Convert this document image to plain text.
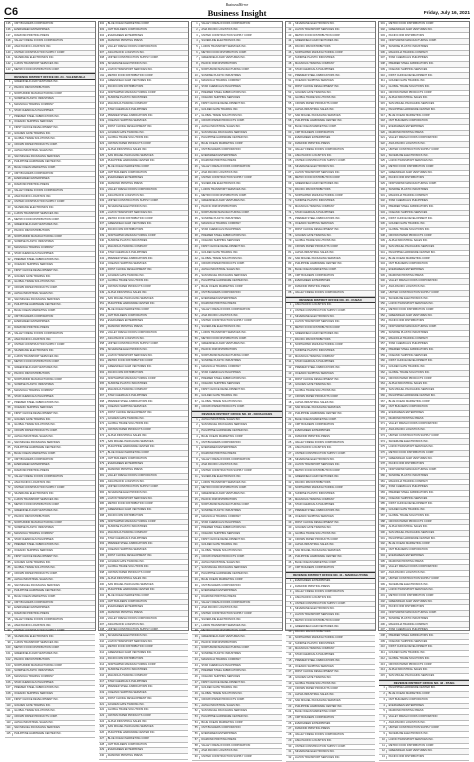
C6
BusinessMirror
Business Insight	Friday, July 16, 2021
135	CMT BUILDERS CORPORATION
136	EVERGREEN ENTERPRISES
137	DIAMOND PRINTING PRESS
138	VALLEY FRESH FOODS CORPORATION
139	ASIA PACIFIC LOGISTICS INC.
140	UNITED CONSTRUCTION SUPPLY CORP.
141	SILVERLINE ELECTRONICS INC.
142	LUZON TRANSPORT SERVICES INC.
143	METRO FOOD DISTRIBUTION CORP.
REVENUE DISTRICT OFFICE NO. 24 - VALENZUELA
1	GREENFIELD AGRI VENTURES INC.
2	PACIFIC RIM DISTRIBUTORS
3	NORTHWIND MANUFACTURING CORP.
4	SUNRISE PLASTIC INDUSTRIES
5	MAGNOLIA TRADING COMPANY
6	STAR CHEMICALS PHILIPPINES
7	PREMIER STEEL FABRICATORS INC.
8	OCEANIC SHIPPING SERVICES
9	FIRST CHOICE DEVELOPMENT INC.
10	GOLDEN GATE TRADING INC.
11	GLOBAL TRADE SOLUTIONS INC.
12	CROWN PAPER PRODUCTS CORP.
13	ALPHA INDUSTRIAL SALES INC.
14	SAN MIGUEL PACKAGING SERVICES
15	PHILIPPINE HARDWARE CENTER INC.
16	BLUE OCEAN MARKETING CORP.
17	CMT BUILDERS CORPORATION
18	EVERGREEN ENTERPRISES
19	DIAMOND PRINTING PRESS
20	VALLEY FRESH FOODS CORPORATION
21	ASIA PACIFIC LOGISTICS INC.
22	UNITED CONSTRUCTION SUPPLY CORP.
23	SILVERLINE ELECTRONICS INC.
24	LUZON TRANSPORT SERVICES INC.
25	METRO FOOD DISTRIBUTION CORP.
26	GREENFIELD AGRI VENTURES INC.
27	PACIFIC RIM DISTRIBUTORS
28	NORTHWIND MANUFACTURING CORP.
29	SUNRISE PLASTIC INDUSTRIES
30	MAGNOLIA TRADING COMPANY
31	STAR CHEMICALS PHILIPPINES
32	PREMIER STEEL FABRICATORS INC.
33	OCEANIC SHIPPING SERVICES
34	FIRST CHOICE DEVELOPMENT INC.
35	GOLDEN GATE TRADING INC.
36	GLOBAL TRADE SOLUTIONS INC.
37	CROWN PAPER PRODUCTS CORP.
38	ALPHA INDUSTRIAL SALES INC.
39	SAN MIGUEL PACKAGING SERVICES
40	PHILIPPINE HARDWARE CENTER INC.
41	BLUE OCEAN MARKETING CORP.
42	CMT BUILDERS CORPORATION
43	EVERGREEN ENTERPRISES
44	DIAMOND PRINTING PRESS
45	VALLEY FRESH FOODS CORPORATION
46	ASIA PACIFIC LOGISTICS INC.
47	UNITED CONSTRUCTION SUPPLY CORP.
48	SILVERLINE ELECTRONICS INC.
49	LUZON TRANSPORT SERVICES INC.
50	METRO FOOD DISTRIBUTION CORP.
51	GREENFIELD AGRI VENTURES INC.
52	PACIFIC RIM DISTRIBUTORS
53	NORTHWIND MANUFACTURING CORP.
54	SUNRISE PLASTIC INDUSTRIES
55	MAGNOLIA TRADING COMPANY
56	STAR CHEMICALS PHILIPPINES
57	PREMIER STEEL FABRICATORS INC.
58	OCEANIC SHIPPING SERVICES
59	FIRST CHOICE DEVELOPMENT INC.
60	GOLDEN GATE TRADING INC.
61	GLOBAL TRADE SOLUTIONS INC.
62	CROWN PAPER PRODUCTS CORP.
63	ALPHA INDUSTRIAL SALES INC.
64	SAN MIGUEL PACKAGING SERVICES
65	PHILIPPINE HARDWARE CENTER INC.
66	BLUE OCEAN MARKETING CORP.
67	CMT BUILDERS CORPORATION
68	EVERGREEN ENTERPRISES
69	DIAMOND PRINTING PRESS
70	VALLEY FRESH FOODS CORPORATION
71	ASIA PACIFIC LOGISTICS INC.
72	UNITED CONSTRUCTION SUPPLY CORP.
73	SILVERLINE ELECTRONICS INC.
74	LUZON TRANSPORT SERVICES INC.
75	METRO FOOD DISTRIBUTION CORP.
76	GREENFIELD AGRI VENTURES INC.
77	PACIFIC RIM DISTRIBUTORS
78	NORTHWIND MANUFACTURING CORP.
79	SUNRISE PLASTIC INDUSTRIES
80	MAGNOLIA TRADING COMPANY
81	STAR CHEMICALS PHILIPPINES
82	PREMIER STEEL FABRICATORS INC.
83	OCEANIC SHIPPING SERVICES
84	FIRST CHOICE DEVELOPMENT INC.
85	GOLDEN GATE TRADING INC.
86	GLOBAL TRADE SOLUTIONS INC.
87	CROWN PAPER PRODUCTS CORP.
88	ALPHA INDUSTRIAL SALES INC.
89	SAN MIGUEL PACKAGING SERVICES
90	PHILIPPINE HARDWARE CENTER INC.
91	BLUE OCEAN MARKETING CORP.
92	CMT BUILDERS CORPORATION
93	EVERGREEN ENTERPRISES
94	DIAMOND PRINTING PRESS
95	VALLEY FRESH FOODS CORPORATION
96	ASIA PACIFIC LOGISTICS INC.
97	UNITED CONSTRUCTION SUPPLY CORP.
98	SILVERLINE ELECTRONICS INC.
99	LUZON TRANSPORT SERVICES INC.
100	METRO FOOD DISTRIBUTION CORP.
101	GREENFIELD AGRI VENTURES INC.
102	PACIFIC RIM DISTRIBUTORS
103	NORTHWIND MANUFACTURING CORP.
104	SUNRISE PLASTIC INDUSTRIES
105	MAGNOLIA TRADING COMPANY
106	STAR CHEMICALS PHILIPPINES
107	PREMIER STEEL FABRICATORS INC.
108	OCEANIC SHIPPING SERVICES
109	FIRST CHOICE DEVELOPMENT INC.
110	GOLDEN GATE TRADING INC.
111	GLOBAL TRADE SOLUTIONS INC.
112	CROWN PAPER PRODUCTS CORP.
113	ALPHA INDUSTRIAL SALES INC.
114	SAN MIGUEL PACKAGING SERVICES
115	PHILIPPINE HARDWARE CENTER INC.
302	BLUE OCEAN MARKETING CORP.
303	CMT BUILDERS CORPORATION
304	EVERGREEN ENTERPRISES
305	DIAMOND PRINTING PRESS
306	VALLEY FRESH FOODS CORPORATION
307	ASIA PACIFIC LOGISTICS INC.
308	UNITED CONSTRUCTION SUPPLY CORP.
309	SILVERLINE ELECTRONICS INC.
310	LUZON TRANSPORT SERVICES INC.
311	METRO FOOD DISTRIBUTION CORP.
312	GREENFIELD AGRI VENTURES INC.
313	PACIFIC RIM DISTRIBUTORS
314	NORTHWIND MANUFACTURING CORP.
315	SUNRISE PLASTIC INDUSTRIES
316	MAGNOLIA TRADING COMPANY
317	STAR CHEMICALS PHILIPPINES
318	PREMIER STEEL FABRICATORS INC.
319	OCEANIC SHIPPING SERVICES
320	FIRST CHOICE DEVELOPMENT INC.
321	GOLDEN GATE TRADING INC.
322	GLOBAL TRADE SOLUTIONS INC.
323	CROWN PAPER PRODUCTS CORP.
324	ALPHA INDUSTRIAL SALES INC.
325	SAN MIGUEL PACKAGING SERVICES
326	PHILIPPINE HARDWARE CENTER INC.
327	BLUE OCEAN MARKETING CORP.
328	CMT BUILDERS CORPORATION
329	EVERGREEN ENTERPRISES
330	DIAMOND PRINTING PRESS
331	VALLEY FRESH FOODS CORPORATION
332	ASIA PACIFIC LOGISTICS INC.
333	UNITED CONSTRUCTION SUPPLY CORP.
334	SILVERLINE ELECTRONICS INC.
335	LUZON TRANSPORT SERVICES INC.
336	METRO FOOD DISTRIBUTION CORP.
337	GREENFIELD AGRI VENTURES INC.
338	PACIFIC RIM DISTRIBUTORS
339	NORTHWIND MANUFACTURING CORP.
340	SUNRISE PLASTIC INDUSTRIES
341	MAGNOLIA TRADING COMPANY
342	STAR CHEMICALS PHILIPPINES
343	PREMIER STEEL FABRICATORS INC.
344	OCEANIC SHIPPING SERVICES
345	FIRST CHOICE DEVELOPMENT INC.
346	GOLDEN GATE TRADING INC.
347	GLOBAL TRADE SOLUTIONS INC.
348	CROWN PAPER PRODUCTS CORP.
349	ALPHA INDUSTRIAL SALES INC.
350	SAN MIGUEL PACKAGING SERVICES
351	PHILIPPINE HARDWARE CENTER INC.
352	BLUE OCEAN MARKETING CORP.
353	CMT BUILDERS CORPORATION
354	EVERGREEN ENTERPRISES
355	DIAMOND PRINTING PRESS
356	VALLEY FRESH FOODS CORPORATION
357	ASIA PACIFIC LOGISTICS INC.
358	UNITED CONSTRUCTION SUPPLY CORP.
359	SILVERLINE ELECTRONICS INC.
360	LUZON TRANSPORT SERVICES INC.
361	METRO FOOD DISTRIBUTION CORP.
362	GREENFIELD AGRI VENTURES INC.
363	PACIFIC RIM DISTRIBUTORS
364	NORTHWIND MANUFACTURING CORP.
365	SUNRISE PLASTIC INDUSTRIES
366	MAGNOLIA TRADING COMPANY
367	STAR CHEMICALS PHILIPPINES
368	PREMIER STEEL FABRICATORS INC.
369	OCEANIC SHIPPING SERVICES
370	FIRST CHOICE DEVELOPMENT INC.
371	GOLDEN GATE TRADING INC.
372	GLOBAL TRADE SOLUTIONS INC.
373	CROWN PAPER PRODUCTS CORP.
374	ALPHA INDUSTRIAL SALES INC.
375	SAN MIGUEL PACKAGING SERVICES
376	PHILIPPINE HARDWARE CENTER INC.
377	BLUE OCEAN MARKETING CORP.
378	CMT BUILDERS CORPORATION
379	EVERGREEN ENTERPRISES
380	DIAMOND PRINTING PRESS
381	VALLEY FRESH FOODS CORPORATION
382	ASIA PACIFIC LOGISTICS INC.
383	UNITED CONSTRUCTION SUPPLY CORP.
384	SILVERLINE ELECTRONICS INC.
385	LUZON TRANSPORT SERVICES INC.
386	METRO FOOD DISTRIBUTION CORP.
387	GREENFIELD AGRI VENTURES INC.
388	PACIFIC RIM DISTRIBUTORS
389	NORTHWIND MANUFACTURING CORP.
390	SUNRISE PLASTIC INDUSTRIES
391	MAGNOLIA TRADING COMPANY
392	STAR CHEMICALS PHILIPPINES
393	PREMIER STEEL FABRICATORS INC.
394	OCEANIC SHIPPING SERVICES
395	FIRST CHOICE DEVELOPMENT INC.
396	GOLDEN GATE TRADING INC.
397	GLOBAL TRADE SOLUTIONS INC.
398	CROWN PAPER PRODUCTS CORP.
399	ALPHA INDUSTRIAL SALES INC.
400	SAN MIGUEL PACKAGING SERVICES
401	PHILIPPINE HARDWARE CENTER INC.
402	BLUE OCEAN MARKETING CORP.
403	CMT BUILDERS CORPORATION
404	EVERGREEN ENTERPRISES
405	DIAMOND PRINTING PRESS
406	VALLEY FRESH FOODS CORPORATION
407	ASIA PACIFIC LOGISTICS INC.
408	UNITED CONSTRUCTION SUPPLY CORP.
409	SILVERLINE ELECTRONICS INC.
410	LUZON TRANSPORT SERVICES INC.
411	METRO FOOD DISTRIBUTION CORP.
412	GREENFIELD AGRI VENTURES INC.
413	PACIFIC RIM DISTRIBUTORS
414	NORTHWIND MANUFACTURING CORP.
415	SUNRISE PLASTIC INDUSTRIES
416	MAGNOLIA TRADING COMPANY
417	STAR CHEMICALS PHILIPPINES
418	PREMIER STEEL FABRICATORS INC.
419	OCEANIC SHIPPING SERVICES
420	FIRST CHOICE DEVELOPMENT INC.
421	GOLDEN GATE TRADING INC.
422	GLOBAL TRADE SOLUTIONS INC.
423	CROWN PAPER PRODUCTS CORP.
424	ALPHA INDUSTRIAL SALES INC.
425	SAN MIGUEL PACKAGING SERVICES
426	PHILIPPINE HARDWARE CENTER INC.
427	BLUE OCEAN MARKETING CORP.
428	CMT BUILDERS CORPORATION
429	EVERGREEN ENTERPRISES
430	DIAMOND PRINTING PRESS
1	VALLEY FRESH FOODS CORPORATION
2	ASIA PACIFIC LOGISTICS INC.
3	UNITED CONSTRUCTION SUPPLY CORP.
4	SILVERLINE ELECTRONICS INC.
5	LUZON TRANSPORT SERVICES INC.
6	METRO FOOD DISTRIBUTION CORP.
7	GREENFIELD AGRI VENTURES INC.
8	PACIFIC RIM DISTRIBUTORS
9	NORTHWIND MANUFACTURING CORP.
10	SUNRISE PLASTIC INDUSTRIES
11	MAGNOLIA TRADING COMPANY
12	STAR CHEMICALS PHILIPPINES
13	PREMIER STEEL FABRICATORS INC.
14	OCEANIC SHIPPING SERVICES
15	FIRST CHOICE DEVELOPMENT INC.
16	GOLDEN GATE TRADING INC.
17	GLOBAL TRADE SOLUTIONS INC.
18	CROWN PAPER PRODUCTS CORP.
19	ALPHA INDUSTRIAL SALES INC.
20	SAN MIGUEL PACKAGING SERVICES
21	PHILIPPINE HARDWARE CENTER INC.
22	BLUE OCEAN MARKETING CORP.
23	CMT BUILDERS CORPORATION
24	EVERGREEN ENTERPRISES
25	DIAMOND PRINTING PRESS
26	VALLEY FRESH FOODS CORPORATION
27	ASIA PACIFIC LOGISTICS INC.
28	UNITED CONSTRUCTION SUPPLY CORP.
29	SILVERLINE ELECTRONICS INC.
30	LUZON TRANSPORT SERVICES INC.
31	METRO FOOD DISTRIBUTION CORP.
32	GREENFIELD AGRI VENTURES INC.
33	PACIFIC RIM DISTRIBUTORS
34	NORTHWIND MANUFACTURING CORP.
35	SUNRISE PLASTIC INDUSTRIES
36	MAGNOLIA TRADING COMPANY
37	STAR CHEMICALS PHILIPPINES
38	PREMIER STEEL FABRICATORS INC.
39	OCEANIC SHIPPING SERVICES
40	FIRST CHOICE DEVELOPMENT INC.
41	GOLDEN GATE TRADING INC.
42	GLOBAL TRADE SOLUTIONS INC.
43	CROWN PAPER PRODUCTS CORP.
44	ALPHA INDUSTRIAL SALES INC.
45	SAN MIGUEL PACKAGING SERVICES
46	PHILIPPINE HARDWARE CENTER INC.
47	BLUE OCEAN MARKETING CORP.
48	CMT BUILDERS CORPORATION
49	EVERGREEN ENTERPRISES
50	DIAMOND PRINTING PRESS
51	VALLEY FRESH FOODS CORPORATION
52	ASIA PACIFIC LOGISTICS INC.
53	UNITED CONSTRUCTION SUPPLY CORP.
54	SILVERLINE ELECTRONICS INC.
55	LUZON TRANSPORT SERVICES INC.
56	METRO FOOD DISTRIBUTION CORP.
57	GREENFIELD AGRI VENTURES INC.
58	PACIFIC RIM DISTRIBUTORS
59	NORTHWIND MANUFACTURING CORP.
60	SUNRISE PLASTIC INDUSTRIES
61	MAGNOLIA TRADING COMPANY
62	STAR CHEMICALS PHILIPPINES
63	PREMIER STEEL FABRICATORS INC.
64	OCEANIC SHIPPING SERVICES
65	FIRST CHOICE DEVELOPMENT INC.
66	GOLDEN GATE TRADING INC.
67	GLOBAL TRADE SOLUTIONS INC.
68	CROWN PAPER PRODUCTS CORP.
REVENUE DISTRICT OFFICE NO. 28 - NOVALICHES
1	ALPHA INDUSTRIAL SALES INC.
2	SAN MIGUEL PACKAGING SERVICES
3	PHILIPPINE HARDWARE CENTER INC.
4	BLUE OCEAN MARKETING CORP.
5	CMT BUILDERS CORPORATION
6	EVERGREEN ENTERPRISES
7	DIAMOND PRINTING PRESS
8	VALLEY FRESH FOODS CORPORATION
9	ASIA PACIFIC LOGISTICS INC.
10	UNITED CONSTRUCTION SUPPLY CORP.
11	SILVERLINE ELECTRONICS INC.
12	LUZON TRANSPORT SERVICES INC.
13	METRO FOOD DISTRIBUTION CORP.
14	GREENFIELD AGRI VENTURES INC.
15	PACIFIC RIM DISTRIBUTORS
16	NORTHWIND MANUFACTURING CORP.
17	SUNRISE PLASTIC INDUSTRIES
18	MAGNOLIA TRADING COMPANY
19	STAR CHEMICALS PHILIPPINES
20	PREMIER STEEL FABRICATORS INC.
21	OCEANIC SHIPPING SERVICES
22	FIRST CHOICE DEVELOPMENT INC.
23	GOLDEN GATE TRADING INC.
24	GLOBAL TRADE SOLUTIONS INC.
25	CROWN PAPER PRODUCTS CORP.
26	ALPHA INDUSTRIAL SALES INC.
27	SAN MIGUEL PACKAGING SERVICES
28	PHILIPPINE HARDWARE CENTER INC.
29	BLUE OCEAN MARKETING CORP.
30	CMT BUILDERS CORPORATION
31	EVERGREEN ENTERPRISES
32	DIAMOND PRINTING PRESS
33	VALLEY FRESH FOODS CORPORATION
34	ASIA PACIFIC LOGISTICS INC.
35	UNITED CONSTRUCTION SUPPLY CORP.
36	SILVERLINE ELECTRONICS INC.
37	LUZON TRANSPORT SERVICES INC.
38	METRO FOOD DISTRIBUTION CORP.
39	GREENFIELD AGRI VENTURES INC.
40	PACIFIC RIM DISTRIBUTORS
41	NORTHWIND MANUFACTURING CORP.
42	SUNRISE PLASTIC INDUSTRIES
43	MAGNOLIA TRADING COMPANY
44	STAR CHEMICALS PHILIPPINES
45	PREMIER STEEL FABRICATORS INC.
46	OCEANIC SHIPPING SERVICES
47	FIRST CHOICE DEVELOPMENT INC.
48	GOLDEN GATE TRADING INC.
49	GLOBAL TRADE SOLUTIONS INC.
50	CROWN PAPER PRODUCTS CORP.
51	ALPHA INDUSTRIAL SALES INC.
52	SAN MIGUEL PACKAGING SERVICES
53	PHILIPPINE HARDWARE CENTER INC.
54	BLUE OCEAN MARKETING CORP.
55	CMT BUILDERS CORPORATION
56	EVERGREEN ENTERPRISES
57	DIAMOND PRINTING PRESS
58	VALLEY FRESH FOODS CORPORATION
59	ASIA PACIFIC LOGISTICS INC.
60	UNITED CONSTRUCTION SUPPLY CORP.
41	SILVERLINE ELECTRONICS INC.
42	LUZON TRANSPORT SERVICES INC.
43	METRO FOOD DISTRIBUTION CORP.
44	GREENFIELD AGRI VENTURES INC.
45	PACIFIC RIM DISTRIBUTORS
46	NORTHWIND MANUFACTURING CORP.
47	SUNRISE PLASTIC INDUSTRIES
48	MAGNOLIA TRADING COMPANY
49	STAR CHEMICALS PHILIPPINES
50	PREMIER STEEL FABRICATORS INC.
51	OCEANIC SHIPPING SERVICES
52	FIRST CHOICE DEVELOPMENT INC.
53	GOLDEN GATE TRADING INC.
54	GLOBAL TRADE SOLUTIONS INC.
55	CROWN PAPER PRODUCTS CORP.
56	ALPHA INDUSTRIAL SALES INC.
57	SAN MIGUEL PACKAGING SERVICES
58	PHILIPPINE HARDWARE CENTER INC.
59	BLUE OCEAN MARKETING CORP.
60	CMT BUILDERS CORPORATION
61	EVERGREEN ENTERPRISES
62	DIAMOND PRINTING PRESS
63	VALLEY FRESH FOODS CORPORATION
64	ASIA PACIFIC LOGISTICS INC.
65	UNITED CONSTRUCTION SUPPLY CORP.
66	SILVERLINE ELECTRONICS INC.
67	LUZON TRANSPORT SERVICES INC.
68	METRO FOOD DISTRIBUTION CORP.
69	GREENFIELD AGRI VENTURES INC.
70	PACIFIC RIM DISTRIBUTORS
71	NORTHWIND MANUFACTURING CORP.
72	SUNRISE PLASTIC INDUSTRIES
73	MAGNOLIA TRADING COMPANY
74	STAR CHEMICALS PHILIPPINES
75	PREMIER STEEL FABRICATORS INC.
76	OCEANIC SHIPPING SERVICES
77	FIRST CHOICE DEVELOPMENT INC.
78	GOLDEN GATE TRADING INC.
79	GLOBAL TRADE SOLUTIONS INC.
80	CROWN PAPER PRODUCTS CORP.
81	ALPHA INDUSTRIAL SALES INC.
82	SAN MIGUEL PACKAGING SERVICES
83	PHILIPPINE HARDWARE CENTER INC.
84	BLUE OCEAN MARKETING CORP.
85	CMT BUILDERS CORPORATION
86	EVERGREEN ENTERPRISES
87	DIAMOND PRINTING PRESS
88	VALLEY FRESH FOODS CORPORATION
REVENUE DISTRICT OFFICE NO. 40 - CUBAO
1	ASIA PACIFIC LOGISTICS INC.
2	UNITED CONSTRUCTION SUPPLY CORP.
3	SILVERLINE ELECTRONICS INC.
4	LUZON TRANSPORT SERVICES INC.
5	METRO FOOD DISTRIBUTION CORP.
6	GREENFIELD AGRI VENTURES INC.
7	PACIFIC RIM DISTRIBUTORS
8	NORTHWIND MANUFACTURING CORP.
9	SUNRISE PLASTIC INDUSTRIES
10	MAGNOLIA TRADING COMPANY
11	STAR CHEMICALS PHILIPPINES
12	PREMIER STEEL FABRICATORS INC.
13	OCEANIC SHIPPING SERVICES
14	FIRST CHOICE DEVELOPMENT INC.
15	GOLDEN GATE TRADING INC.
16	GLOBAL TRADE SOLUTIONS INC.
17	CROWN PAPER PRODUCTS CORP.
18	ALPHA INDUSTRIAL SALES INC.
19	SAN MIGUEL PACKAGING SERVICES
20	PHILIPPINE HARDWARE CENTER INC.
21	BLUE OCEAN MARKETING CORP.
22	CMT BUILDERS CORPORATION
23	EVERGREEN ENTERPRISES
24	DIAMOND PRINTING PRESS
25	VALLEY FRESH FOODS CORPORATION
26	ASIA PACIFIC LOGISTICS INC.
27	UNITED CONSTRUCTION SUPPLY CORP.
28	SILVERLINE ELECTRONICS INC.
29	LUZON TRANSPORT SERVICES INC.
30	METRO FOOD DISTRIBUTION CORP.
31	GREENFIELD AGRI VENTURES INC.
32	PACIFIC RIM DISTRIBUTORS
33	NORTHWIND MANUFACTURING CORP.
34	SUNRISE PLASTIC INDUSTRIES
35	MAGNOLIA TRADING COMPANY
36	STAR CHEMICALS PHILIPPINES
37	PREMIER STEEL FABRICATORS INC.
38	OCEANIC SHIPPING SERVICES
39	FIRST CHOICE DEVELOPMENT INC.
40	GOLDEN GATE TRADING INC.
41	GLOBAL TRADE SOLUTIONS INC.
42	CROWN PAPER PRODUCTS CORP.
43	ALPHA INDUSTRIAL SALES INC.
44	SAN MIGUEL PACKAGING SERVICES
45	PHILIPPINE HARDWARE CENTER INC.
46	BLUE OCEAN MARKETING CORP.
47	CMT BUILDERS CORPORATION
REVENUE DISTRICT OFFICE NO. 41 - MANDALUYONG
1	EVERGREEN ENTERPRISES
2	DIAMOND PRINTING PRESS
3	VALLEY FRESH FOODS CORPORATION
4	ASIA PACIFIC LOGISTICS INC.
5	UNITED CONSTRUCTION SUPPLY CORP.
6	SILVERLINE ELECTRONICS INC.
7	LUZON TRANSPORT SERVICES INC.
8	METRO FOOD DISTRIBUTION CORP.
9	GREENFIELD AGRI VENTURES INC.
10	PACIFIC RIM DISTRIBUTORS
11	NORTHWIND MANUFACTURING CORP.
12	SUNRISE PLASTIC INDUSTRIES
13	MAGNOLIA TRADING COMPANY
14	STAR CHEMICALS PHILIPPINES
15	PREMIER STEEL FABRICATORS INC.
16	OCEANIC SHIPPING SERVICES
17	FIRST CHOICE DEVELOPMENT INC.
18	GOLDEN GATE TRADING INC.
19	GLOBAL TRADE SOLUTIONS INC.
20	CROWN PAPER PRODUCTS CORP.
21	ALPHA INDUSTRIAL SALES INC.
22	SAN MIGUEL PACKAGING SERVICES
23	PHILIPPINE HARDWARE CENTER INC.
24	BLUE OCEAN MARKETING CORP.
25	CMT BUILDERS CORPORATION
26	EVERGREEN ENTERPRISES
27	DIAMOND PRINTING PRESS
28	VALLEY FRESH FOODS CORPORATION
29	ASIA PACIFIC LOGISTICS INC.
30	UNITED CONSTRUCTION SUPPLY CORP.
31	SILVERLINE ELECTRONICS INC.
32	LUZON TRANSPORT SERVICES INC.
301	METRO FOOD DISTRIBUTION CORP.
302	GREENFIELD AGRI VENTURES INC.
303	PACIFIC RIM DISTRIBUTORS
304	NORTHWIND MANUFACTURING CORP.
305	SUNRISE PLASTIC INDUSTRIES
306	MAGNOLIA TRADING COMPANY
307	STAR CHEMICALS PHILIPPINES
308	PREMIER STEEL FABRICATORS INC.
309	OCEANIC SHIPPING SERVICES
310	FIRST CHOICE DEVELOPMENT INC.
311	GOLDEN GATE TRADING INC.
312	GLOBAL TRADE SOLUTIONS INC.
313	CROWN PAPER PRODUCTS CORP.
314	ALPHA INDUSTRIAL SALES INC.
315	SAN MIGUEL PACKAGING SERVICES
316	PHILIPPINE HARDWARE CENTER INC.
317	BLUE OCEAN MARKETING CORP.
318	CMT BUILDERS CORPORATION
319	EVERGREEN ENTERPRISES
320	DIAMOND PRINTING PRESS
321	VALLEY FRESH FOODS CORPORATION
322	ASIA PACIFIC LOGISTICS INC.
323	UNITED CONSTRUCTION SUPPLY CORP.
324	SILVERLINE ELECTRONICS INC.
325	LUZON TRANSPORT SERVICES INC.
326	METRO FOOD DISTRIBUTION CORP.
327	GREENFIELD AGRI VENTURES INC.
328	PACIFIC RIM DISTRIBUTORS
329	NORTHWIND MANUFACTURING CORP.
330	SUNRISE PLASTIC INDUSTRIES
331	MAGNOLIA TRADING COMPANY
332	STAR CHEMICALS PHILIPPINES
333	PREMIER STEEL FABRICATORS INC.
334	OCEANIC SHIPPING SERVICES
335	FIRST CHOICE DEVELOPMENT INC.
336	GOLDEN GATE TRADING INC.
337	GLOBAL TRADE SOLUTIONS INC.
338	CROWN PAPER PRODUCTS CORP.
339	ALPHA INDUSTRIAL SALES INC.
340	SAN MIGUEL PACKAGING SERVICES
341	PHILIPPINE HARDWARE CENTER INC.
342	BLUE OCEAN MARKETING CORP.
343	CMT BUILDERS CORPORATION
344	EVERGREEN ENTERPRISES
345	DIAMOND PRINTING PRESS
346	VALLEY FRESH FOODS CORPORATION
347	ASIA PACIFIC LOGISTICS INC.
348	UNITED CONSTRUCTION SUPPLY CORP.
349	SILVERLINE ELECTRONICS INC.
350	LUZON TRANSPORT SERVICES INC.
351	METRO FOOD DISTRIBUTION CORP.
352	GREENFIELD AGRI VENTURES INC.
353	PACIFIC RIM DISTRIBUTORS
354	NORTHWIND MANUFACTURING CORP.
355	SUNRISE PLASTIC INDUSTRIES
356	MAGNOLIA TRADING COMPANY
357	STAR CHEMICALS PHILIPPINES
358	PREMIER STEEL FABRICATORS INC.
359	OCEANIC SHIPPING SERVICES
360	FIRST CHOICE DEVELOPMENT INC.
361	GOLDEN GATE TRADING INC.
362	GLOBAL TRADE SOLUTIONS INC.
363	CROWN PAPER PRODUCTS CORP.
364	ALPHA INDUSTRIAL SALES INC.
365	SAN MIGUEL PACKAGING SERVICES
366	PHILIPPINE HARDWARE CENTER INC.
367	BLUE OCEAN MARKETING CORP.
368	CMT BUILDERS CORPORATION
369	EVERGREEN ENTERPRISES
370	DIAMOND PRINTING PRESS
371	VALLEY FRESH FOODS CORPORATION
372	ASIA PACIFIC LOGISTICS INC.
373	UNITED CONSTRUCTION SUPPLY CORP.
374	SILVERLINE ELECTRONICS INC.
375	LUZON TRANSPORT SERVICES INC.
376	METRO FOOD DISTRIBUTION CORP.
377	GREENFIELD AGRI VENTURES INC.
378	PACIFIC RIM DISTRIBUTORS
379	NORTHWIND MANUFACTURING CORP.
380	SUNRISE PLASTIC INDUSTRIES
381	MAGNOLIA TRADING COMPANY
382	STAR CHEMICALS PHILIPPINES
383	PREMIER STEEL FABRICATORS INC.
384	OCEANIC SHIPPING SERVICES
385	FIRST CHOICE DEVELOPMENT INC.
386	GOLDEN GATE TRADING INC.
387	GLOBAL TRADE SOLUTIONS INC.
388	CROWN PAPER PRODUCTS CORP.
389	ALPHA INDUSTRIAL SALES INC.
390	SAN MIGUEL PACKAGING SERVICES
391	PHILIPPINE HARDWARE CENTER INC.
392	BLUE OCEAN MARKETING CORP.
393	CMT BUILDERS CORPORATION
394	EVERGREEN ENTERPRISES
395	DIAMOND PRINTING PRESS
396	VALLEY FRESH FOODS CORPORATION
397	ASIA PACIFIC LOGISTICS INC.
398	UNITED CONSTRUCTION SUPPLY CORP.
399	SILVERLINE ELECTRONICS INC.
400	LUZON TRANSPORT SERVICES INC.
401	METRO FOOD DISTRIBUTION CORP.
402	GREENFIELD AGRI VENTURES INC.
403	PACIFIC RIM DISTRIBUTORS
404	NORTHWIND MANUFACTURING CORP.
405	SUNRISE PLASTIC INDUSTRIES
406	MAGNOLIA TRADING COMPANY
407	STAR CHEMICALS PHILIPPINES
408	PREMIER STEEL FABRICATORS INC.
409	OCEANIC SHIPPING SERVICES
410	FIRST CHOICE DEVELOPMENT INC.
411	GOLDEN GATE TRADING INC.
412	GLOBAL TRADE SOLUTIONS INC.
413	CROWN PAPER PRODUCTS CORP.
414	ALPHA INDUSTRIAL SALES INC.
415	SAN MIGUEL PACKAGING SERVICES
REVENUE DISTRICT OFFICE NO. 43 - PASIG
1	PHILIPPINE HARDWARE CENTER INC.
2	BLUE OCEAN MARKETING CORP.
3	CMT BUILDERS CORPORATION
4	EVERGREEN ENTERPRISES
5	DIAMOND PRINTING PRESS
6	VALLEY FRESH FOODS CORPORATION
7	ASIA PACIFIC LOGISTICS INC.
8	UNITED CONSTRUCTION SUPPLY CORP.
9	SILVERLINE ELECTRONICS INC.
10	LUZON TRANSPORT SERVICES INC.
11	METRO FOOD DISTRIBUTION CORP.
12	GREENFIELD AGRI VENTURES INC.
13	PACIFIC RIM DISTRIBUTORS
